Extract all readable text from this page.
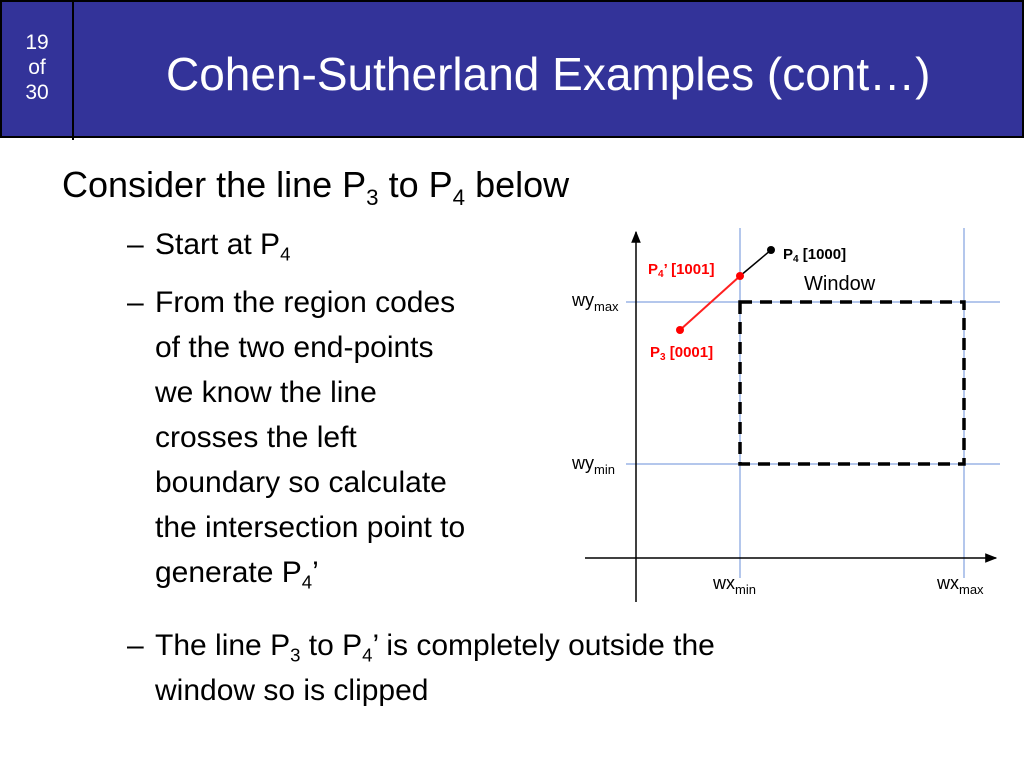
19
of
30	Cohen-Sutherland Examples (cont…)
Consider the line $P_3$ to $P_4$ below
– Start at $P_4$
– From the region codes
of the two end-points
we know the line
crosses the left
boundary so calculate
the intersection point to
generate $P_4$’
– The line $P_3$ to $P_4$’ is completely outside the
window so is clipped
$P_4$ [1000]
$P_4$’ [1001]
$P_3$ [0001]
Window
$wy_{max}$
$wy_{min}$
$wx_{min}$	$wx_{max}$
